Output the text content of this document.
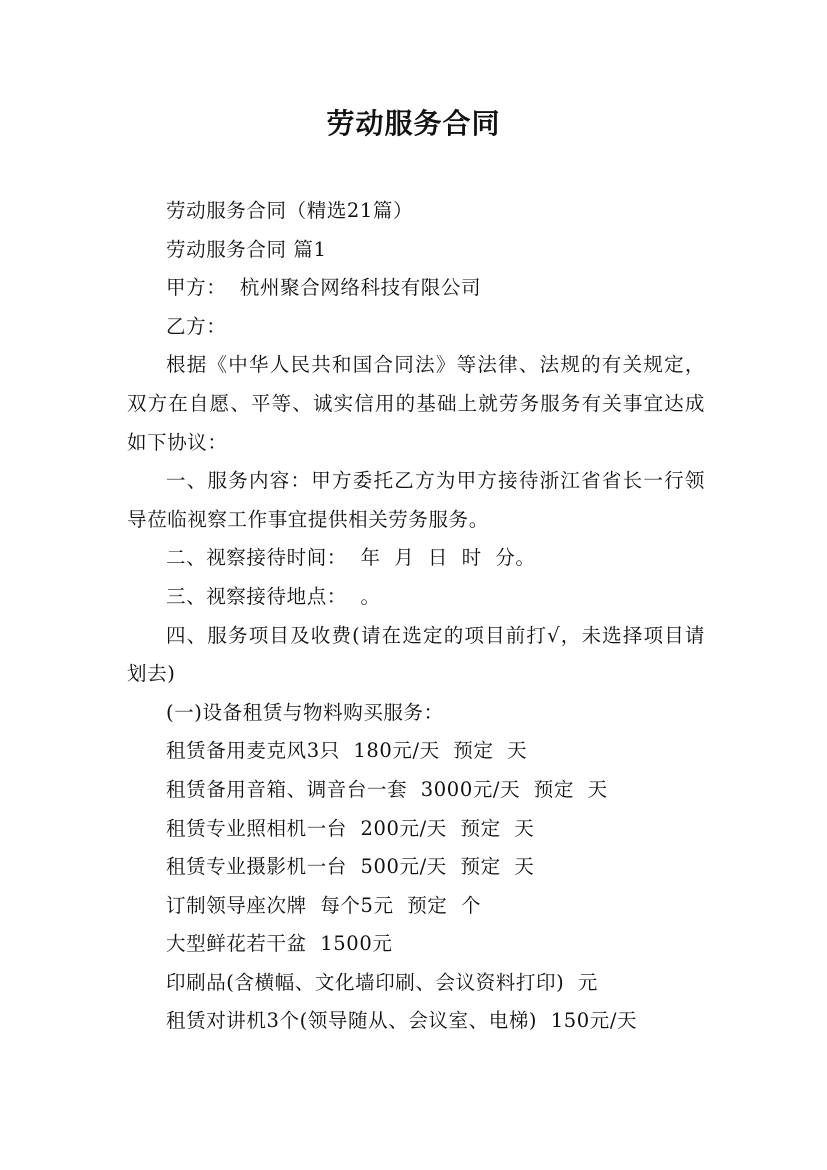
劳动服务合同

劳动服务合同（精选21篇）

劳动服务合同 篇1

甲方：  杭州聚合网络科技有限公司

乙方：

根据《中华人民共和国合同法》等法律、法规的有关规定，双方在自愿、平等、诚实信用的基础上就劳务服务有关事宜达成如下协议：

一、服务内容：甲方委托乙方为甲方接待浙江省省长一行领导莅临视察工作事宜提供相关劳务服务。

二、视察接待时间：  年  月  日  时  分。

三、视察接待地点：  。

四、服务项目及收费(请在选定的项目前打√，未选择项目请划去)

(一)设备租赁与物料购买服务：

租赁备用麦克风3只  180元/天  预定  天

租赁备用音箱、调音台一套  3000元/天  预定  天

租赁专业照相机一台  200元/天  预定  天

租赁专业摄影机一台  500元/天  预定  天

订制领导座次牌  每个5元  预定  个

大型鲜花若干盆  1500元

印刷品(含横幅、文化墙印刷、会议资料打印)  元

租赁对讲机3个(领导随从、会议室、电梯)  150元/天
